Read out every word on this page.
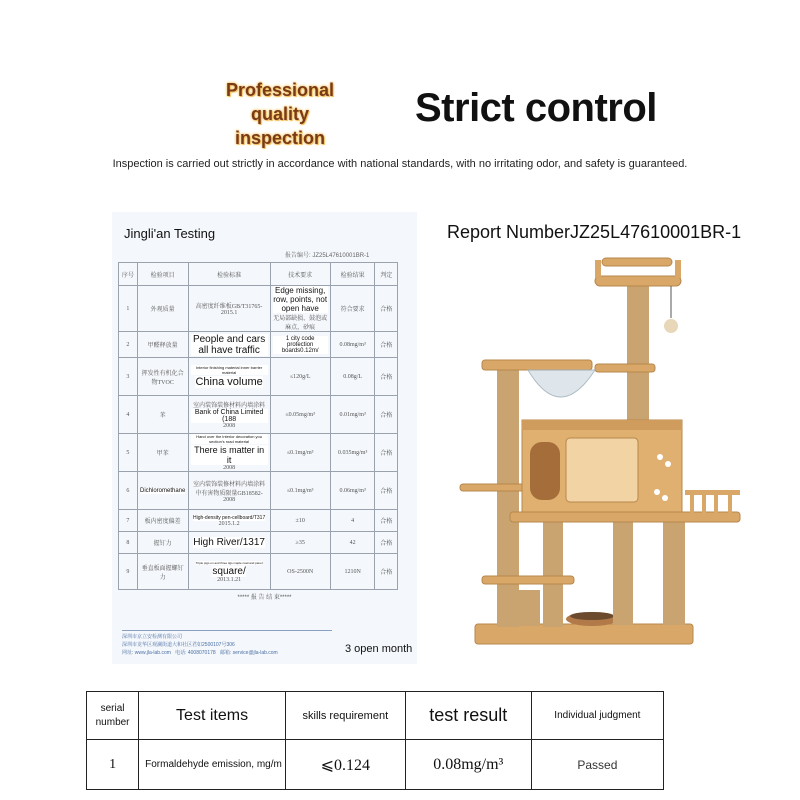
Professional quality
inspection
Strict control
Inspection is carried out strictly in accordance with national standards, with no irritating odor, and safety is guaranteed.
Jingli'an Testing
报告编号: JZ25L47610001BR-1
序号	检验项目	检验标准	技术要求	检验结果	判定
1	外观质量	高密度纤维板GB/T31765-2015.1	Edge missing, row, points, not open have
无局部缺损、鼓泡或麻点，砂痕	符合要求	合格
2	甲醛释放量	People and cars all have traffic	1 city code protection boards0.12m/	0.08mg/m³	合格
3	挥发性有机化合物TVOC	Interior finishing material inner barrier material China volume	≤120g/L	0.08g/L	合格
4	苯	室内装饰装修材料内墙涂料
Bank of China Limited (188
2008	≤0.05mg/m³	0.01mg/m³	合格
5	甲苯	Hand over the interior decoration you section's road material There is matter in it
2008	≤0.1mg/m³	0.035mg/m³	合格
6	Dichloromethane	室内装饰装修材料内墙涂料中有害物质限量GB18582-2008	≤0.1mg/m³	0.06mg/m³	合格
7	板内密度偏差	High-density pen-cellboard/T317
2015.1.2	±10	4	合格
8	握钉力	High River/1317	≥35	42	合格
9	垂直板面握螺钉力	Triple pigs on and three tigs maple road and panel square/
2013.1.21	OS-2500N	1210N	合格
***** 报 告 结 束*****
深圳市京立安检测有限公司
深圳市龙华区观澜街道大和社区君如2500107号306
网址: www.jla-lab.com 电话: 4008070178 邮箱: service@jla-lab.com	3 open month
Report NumberJZ25L47610001BR-1
serial number	Test items	skills requirement	test result	Individual judgment
1	Formaldehyde emission, mg/m	⩽0.124	0.08mg/m³	Passed
